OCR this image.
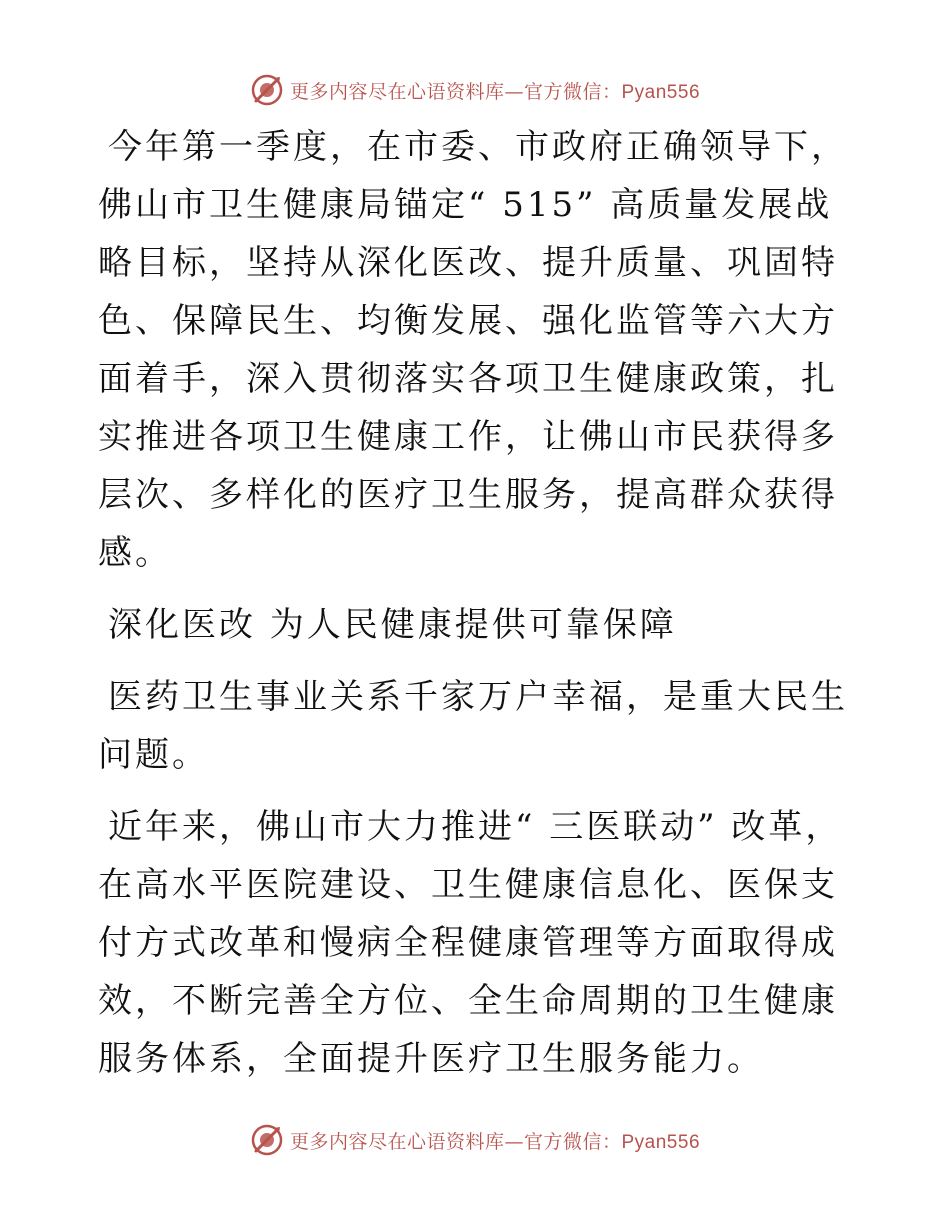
更多内容尽在心语资料库—官方微信：Pyan556

今年第一季度，在市委、市政府正确领导下，佛山市卫生健康局锚定“ 515” 高质量发展战略目标，坚持从深化医改、提升质量、巩固特色、保障民生、均衡发展、强化监管等六大方面着手，深入贯彻落实各项卫生健康政策，扎实推进各项卫生健康工作，让佛山市民获得多层次、多样化的医疗卫生服务，提高群众获得感。

深化医改 为人民健康提供可靠保障

医药卫生事业关系千家万户幸福，是重大民生问题。

近年来，佛山市大力推进“ 三医联动” 改革，在高水平医院建设、卫生健康信息化、医保支付方式改革和慢病全程健康管理等方面取得成效，不断完善全方位、全生命周期的卫生健康服务体系，全面提升医疗卫生服务能力。

更多内容尽在心语资料库—官方微信：Pyan556
